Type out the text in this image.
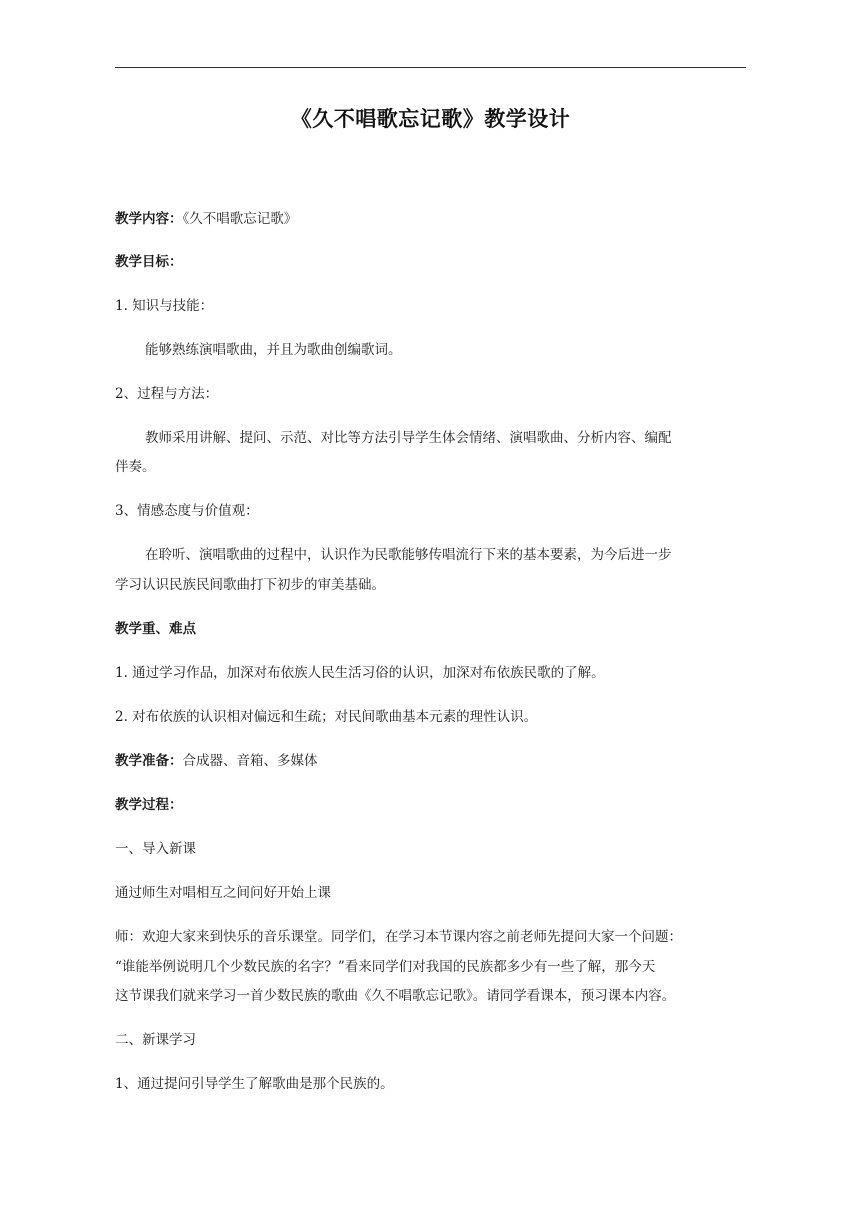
《久不唱歌忘记歌》教学设计
教学内容：《久不唱歌忘记歌》
教学目标：
1. 知识与技能：
能够熟练演唱歌曲，并且为歌曲创编歌词。
2、过程与方法：
教师采用讲解、提问、示范、对比等方法引导学生体会情绪、演唱歌曲、分析内容、编配
伴奏。
3、情感态度与价值观：
在聆听、演唱歌曲的过程中，认识作为民歌能够传唱流行下来的基本要素，为今后进一步
学习认识民族民间歌曲打下初步的审美基础。
教学重、难点
1. 通过学习作品，加深对布依族人民生活习俗的认识，加深对布依族民歌的了解。
2. 对布依族的认识相对偏远和生疏；对民间歌曲基本元素的理性认识。
教学准备：合成器、音箱、多媒体
教学过程：
一、导入新课
通过师生对唱相互之间问好开始上课
师：欢迎大家来到快乐的音乐课堂。同学们，在学习本节课内容之前老师先提问大家一个问题：
“谁能举例说明几个少数民族的名字？”看来同学们对我国的民族都多少有一些了解，那今天
这节课我们就来学习一首少数民族的歌曲《久不唱歌忘记歌》。请同学看课本，预习课本内容。
二、新课学习
1、通过提问引导学生了解歌曲是那个民族的。
